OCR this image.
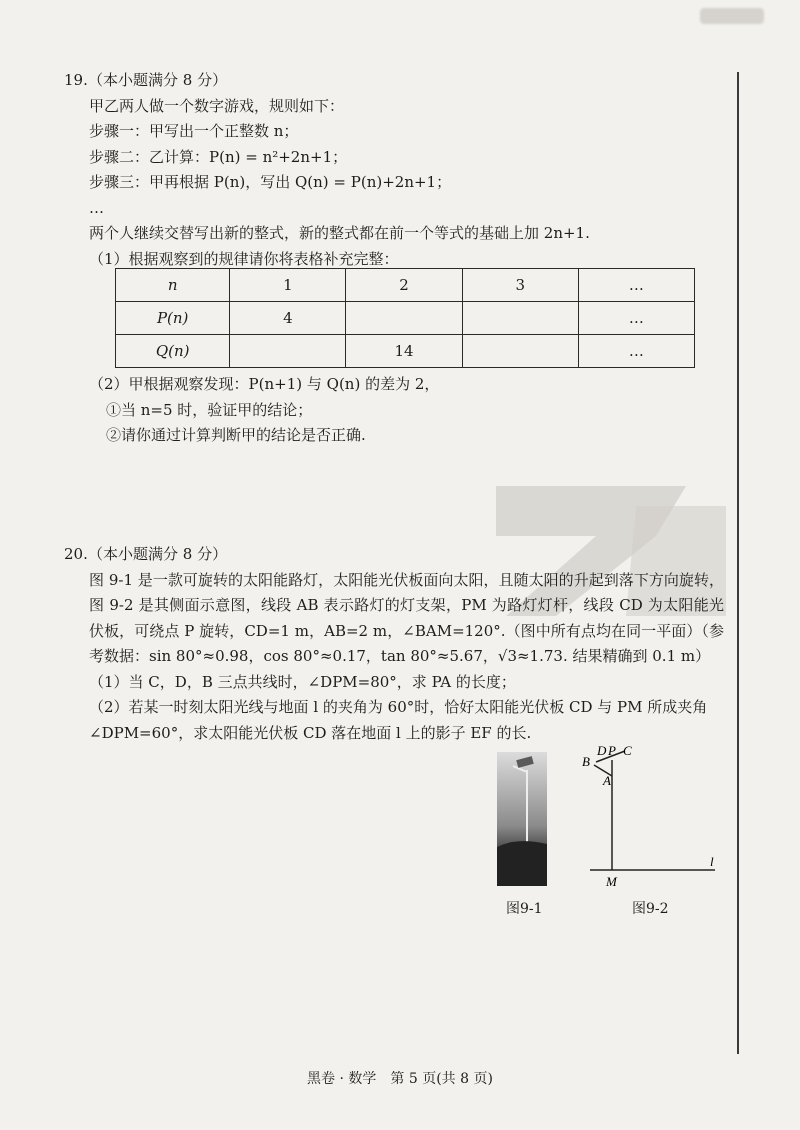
19.（本小题满分 8 分）
甲乙两人做一个数字游戏，规则如下：
步骤一：甲写出一个正整数 n；
步骤二：乙计算：P(n) = n²+2n+1；
步骤三：甲再根据 P(n)，写出 Q(n) = P(n)+2n+1；
…
两个人继续交替写出新的整式，新的整式都在前一个等式的基础上加 2n+1.
（1）根据观察到的规律请你将表格补充完整：
n	1	2	3	…
P(n)	4			…
Q(n)		14		…
（2）甲根据观察发现：P(n+1) 与 Q(n) 的差为 2，
①当 n=5 时，验证甲的结论；
②请你通过计算判断甲的结论是否正确.
20.（本小题满分 8 分）
图 9-1 是一款可旋转的太阳能路灯，太阳能光伏板面向太阳，且随太阳的升起到落下方向旋转，图 9-2 是其侧面示意图，线段 AB 表示路灯的灯支架，PM 为路灯灯杆，线段 CD 为太阳能光伏板，可绕点 P 旋转，CD=1 m，AB=2 m，∠BAM=120°.（图中所有点均在同一平面）（参考数据：sin 80°≈0.98，cos 80°≈0.17，tan 80°≈5.67，√3≈1.73. 结果精确到 0.1 m）
（1）当 C，D，B 三点共线时，∠DPM=80°，求 PA 的长度；
（2）若某一时刻太阳光线与地面 l 的夹角为 60°时，恰好太阳能光伏板 CD 与 PM 所成夹角
∠DPM=60°，求太阳能光伏板 CD 落在地面 l 上的影子 EF 的长.
图9-1
B
D P C
A
M
l
图9-2
黑卷 · 数学　第 5 页(共 8 页)
